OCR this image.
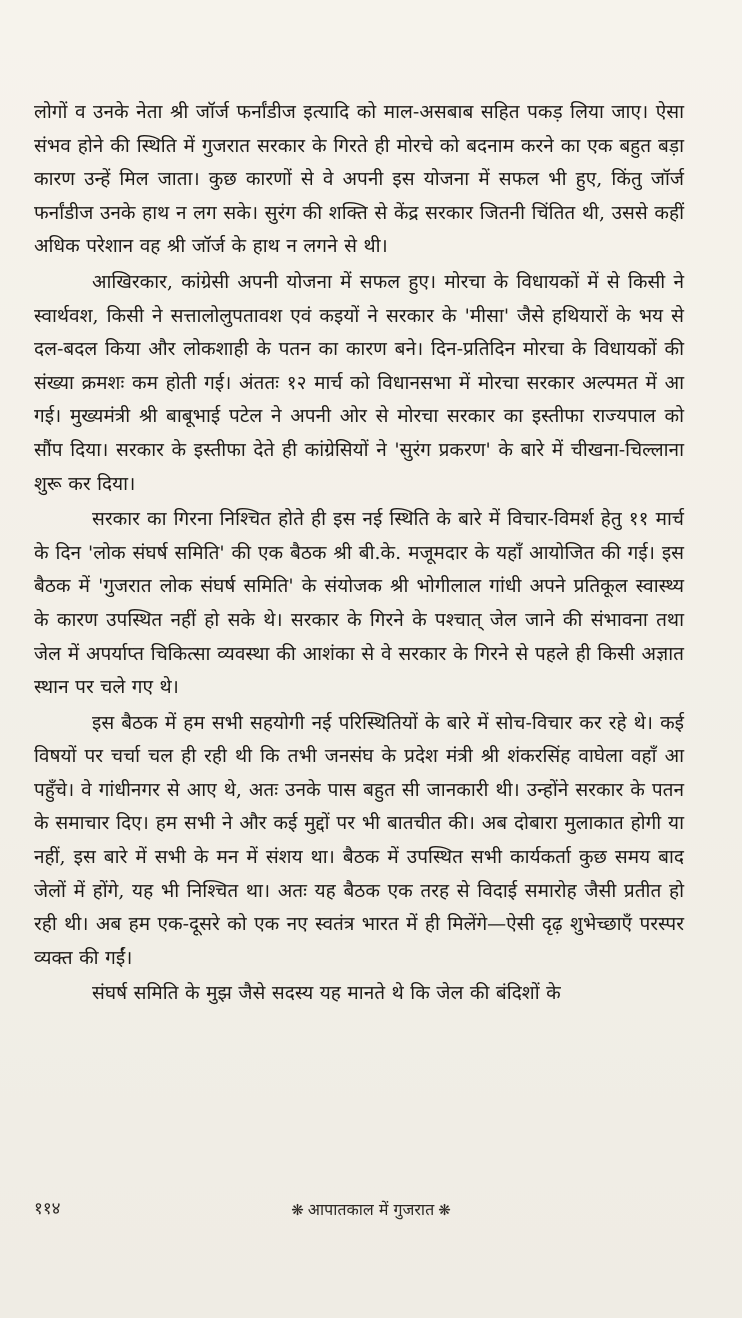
लोगों व उनके नेता श्री जॉर्ज फर्नांडीज इत्यादि को माल-असबाब सहित पकड़ लिया जाए। ऐसा संभव होने की स्थिति में गुजरात सरकार के गिरते ही मोरचे को बदनाम करने का एक बहुत बड़ा कारण उन्हें मिल जाता। कुछ कारणों से वे अपनी इस योजना में सफल भी हुए, किंतु जॉर्ज फर्नांडीज उनके हाथ न लग सके। सुरंग की शक्ति से केंद्र सरकार जितनी चिंतित थी, उससे कहीं अधिक परेशान वह श्री जॉर्ज के हाथ न लगने से थी।

आखिरकार, कांग्रेसी अपनी योजना में सफल हुए। मोरचा के विधायकों में से किसी ने स्वार्थवश, किसी ने सत्तालोलुपतावश एवं कइयों ने सरकार के 'मीसा' जैसे हथियारों के भय से दल-बदल किया और लोकशाही के पतन का कारण बने। दिन-प्रतिदिन मोरचा के विधायकों की संख्या क्रमशः कम होती गई। अंततः १२ मार्च को विधानसभा में मोरचा सरकार अल्पमत में आ गई। मुख्यमंत्री श्री बाबूभाई पटेल ने अपनी ओर से मोरचा सरकार का इस्तीफा राज्यपाल को सौंप दिया। सरकार के इस्तीफा देते ही कांग्रेसियों ने 'सुरंग प्रकरण' के बारे में चीखना-चिल्लाना शुरू कर दिया।

सरकार का गिरना निश्चित होते ही इस नई स्थिति के बारे में विचार-विमर्श हेतु ११ मार्च के दिन 'लोक संघर्ष समिति' की एक बैठक श्री बी.के. मजूमदार के यहाँ आयोजित की गई। इस बैठक में 'गुजरात लोक संघर्ष समिति' के संयोजक श्री भोगीलाल गांधी अपने प्रतिकूल स्वास्थ्य के कारण उपस्थित नहीं हो सके थे। सरकार के गिरने के पश्चात् जेल जाने की संभावना तथा जेल में अपर्याप्त चिकित्सा व्यवस्था की आशंका से वे सरकार के गिरने से पहले ही किसी अज्ञात स्थान पर चले गए थे।

इस बैठक में हम सभी सहयोगी नई परिस्थितियों के बारे में सोच-विचार कर रहे थे। कई विषयों पर चर्चा चल ही रही थी कि तभी जनसंघ के प्रदेश मंत्री श्री शंकरसिंह वाघेला वहाँ आ पहुँचे। वे गांधीनगर से आए थे, अतः उनके पास बहुत सी जानकारी थी। उन्होंने सरकार के पतन के समाचार दिए। हम सभी ने और कई मुद्दों पर भी बातचीत की। अब दोबारा मुलाकात होगी या नहीं, इस बारे में सभी के मन में संशय था। बैठक में उपस्थित सभी कार्यकर्ता कुछ समय बाद जेलों में होंगे, यह भी निश्चित था। अतः यह बैठक एक तरह से विदाई समारोह जैसी प्रतीत हो रही थी। अब हम एक-दूसरे को एक नए स्वतंत्र भारत में ही मिलेंगे—ऐसी दृढ़ शुभेच्छाएँ परस्पर व्यक्त की गईं।

संघर्ष समिति के मुझ जैसे सदस्य यह मानते थे कि जेल की बंदिशों के

११४	❋ आपातकाल में गुजरात ❋
